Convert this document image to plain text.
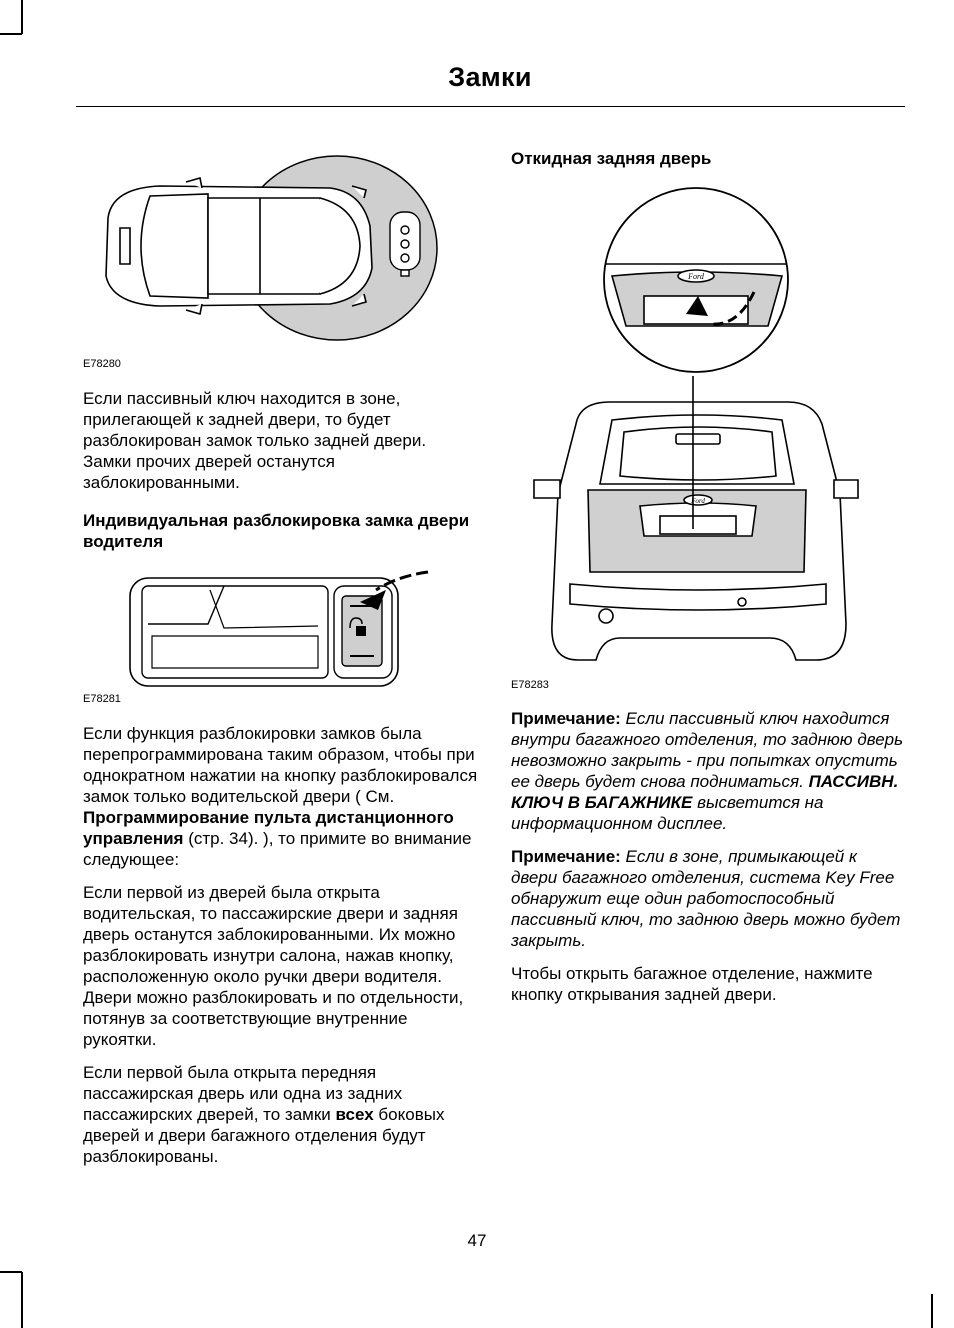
Замки
E78280

Если пассивный ключ находится в зоне, прилегающей к задней двери, то будет разблокирован замок только задней двери. Замки прочих дверей останутся заблокированными.

Индивидуальная разблокировка замка двери водителя
E78281

Если функция разблокировки замков была перепрограммирована таким образом, чтобы при однократном нажатии на кнопку разблокировался замок только водительской двери ( См. Программирование пульта дистанционного управления (стр. 34). ), то примите во внимание следующее:

Если первой из дверей была открыта водительская, то пассажирские двери и задняя дверь останутся заблокированными. Их можно разблокировать изнутри салона, нажав кнопку, расположенную около ручки двери водителя. Двери можно разблокировать и по отдельности, потянув за соответствующие внутренние рукоятки.

Если первой была открыта передняя пассажирская дверь или одна из задних пассажирских дверей, то замки всех боковых дверей и двери багажного отделения будут разблокированы.

Откидная задняя дверь
Ford
Ford
E78283

Примечание: Если пассивный ключ находится внутри багажного отделения, то заднюю дверь невозможно закрыть - при попытках опустить ее дверь будет снова подниматься. ПАССИВН. КЛЮЧ В БАГАЖНИКЕ высветится на информационном дисплее.

Примечание: Если в зоне, примыкающей к двери багажного отделения, система Key Free обнаружит еще один работоспособный пассивный ключ, то заднюю дверь можно будет закрыть.

Чтобы открыть багажное отделение, нажмите кнопку открывания задней двери.

47
